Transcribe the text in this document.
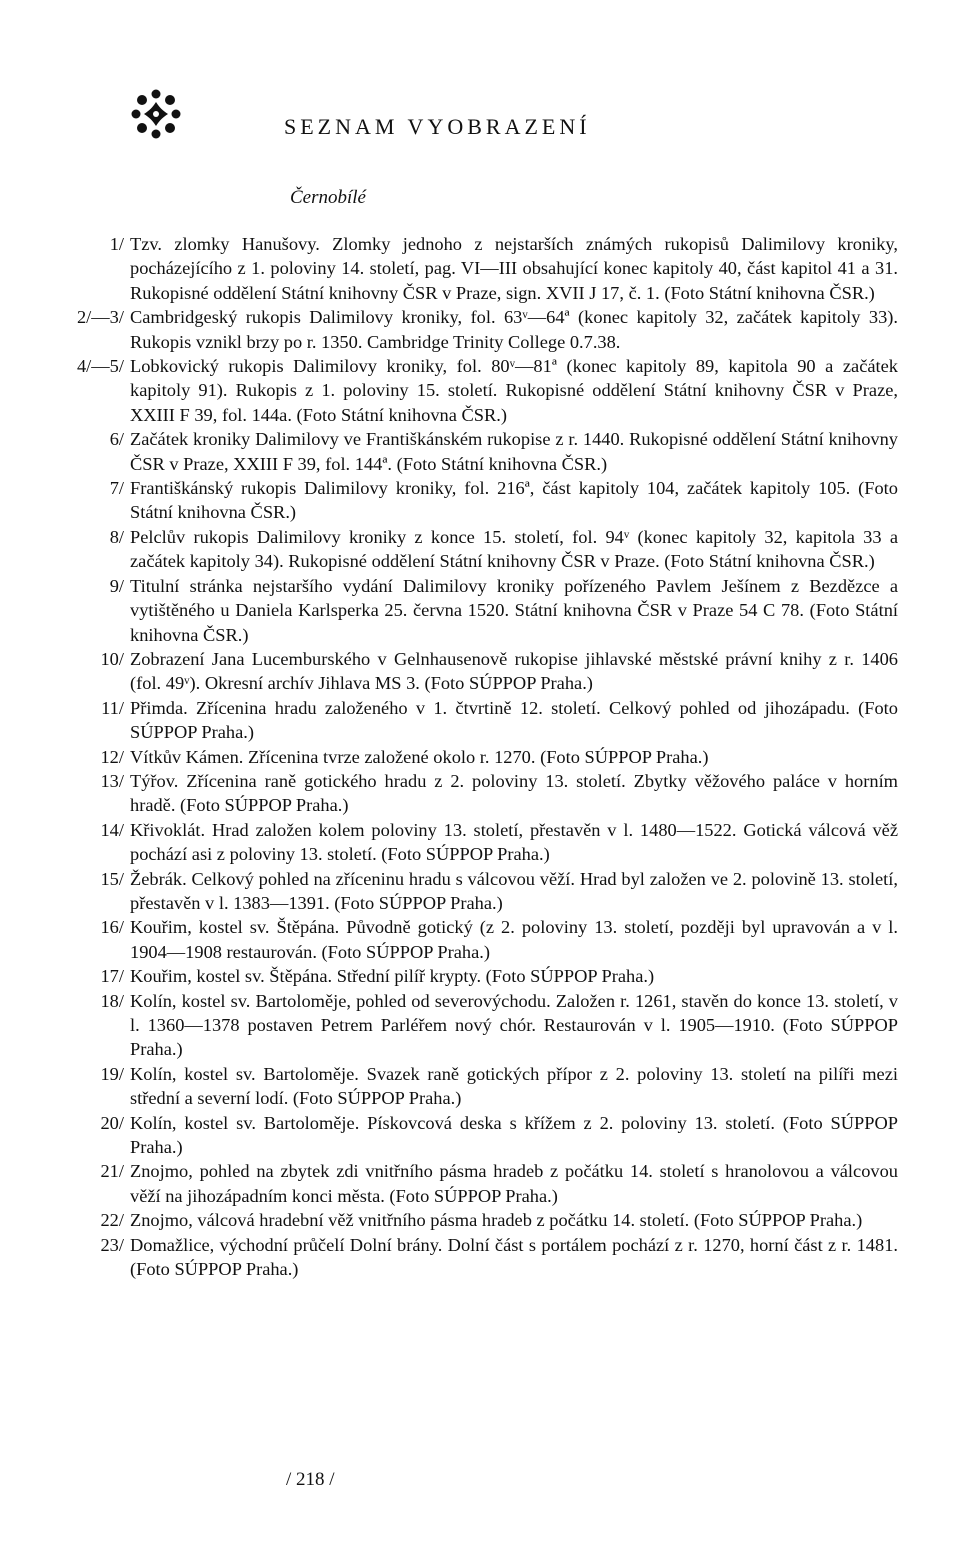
SEZNAM VYOBRAZENÍ
Černobílé

1/ Tzv. zlomky Hanušovy. Zlomky jednoho z nejstarších známých rukopisů Dalimilovy kroniky, pocházejícího z 1. poloviny 14. století, pag. VI—III obsahující konec kapitoly 40, část kapitol 41 a 31. Rukopisné oddělení Státní knihovny ČSR v Praze, sign. XVII J 17, č. 1. (Foto Státní knihovna ČSR.)

2/—3/ Cambridgeský rukopis Dalimilovy kroniky, fol. 63ᵛ—64ª (konec kapitoly 32, začátek kapitoly 33). Rukopis vznikl brzy po r. 1350. Cambridge Trinity College 0.7.38.

4/—5/ Lobkovický rukopis Dalimilovy kroniky, fol. 80ᵛ—81ª (konec kapitoly 89, kapitola 90 a začátek kapitoly 91). Rukopis z 1. poloviny 15. století. Rukopisné oddělení Státní knihovny ČSR v Praze, XXIII F 39, fol. 144a. (Foto Státní knihovna ČSR.)

6/ Začátek kroniky Dalimilovy ve Františkánském rukopise z r. 1440. Rukopisné oddělení Státní knihovny ČSR v Praze, XXIII F 39, fol. 144ª. (Foto Státní knihovna ČSR.)

7/ Františkánský rukopis Dalimilovy kroniky, fol. 216ª, část kapitoly 104, začátek kapitoly 105. (Foto Státní knihovna ČSR.)

8/ Pelclův rukopis Dalimilovy kroniky z konce 15. století, fol. 94ᵛ (konec kapitoly 32, kapitola 33 a začátek kapitoly 34). Rukopisné oddělení Státní knihovny ČSR v Praze. (Foto Státní knihovna ČSR.)

9/ Titulní stránka nejstaršího vydání Dalimilovy kroniky pořízeného Pavlem Ješínem z Bezdězce a vytištěného u Daniela Karlsperka 25. června 1520. Státní knihovna ČSR v Praze 54 C 78. (Foto Státní knihovna ČSR.)

10/ Zobrazení Jana Lucemburského v Gelnhausenově rukopise jihlavské městské právní knihy z r. 1406 (fol. 49ᵛ). Okresní archív Jihlava MS 3. (Foto SÚPPOP Praha.)

11/ Přimda. Zřícenina hradu založeného v 1. čtvrtině 12. století. Celkový pohled od jihozápadu. (Foto SÚPPOP Praha.)

12/ Vítkův Kámen. Zřícenina tvrze založené okolo r. 1270. (Foto SÚPPOP Praha.)

13/ Týřov. Zřícenina raně gotického hradu z 2. poloviny 13. století. Zbytky věžového paláce v horním hradě. (Foto SÚPPOP Praha.)

14/ Křivoklát. Hrad založen kolem poloviny 13. století, přestavěn v l. 1480—1522. Gotická válcová věž pochází asi z poloviny 13. století. (Foto SÚPPOP Praha.)

15/ Žebrák. Celkový pohled na zříceninu hradu s válcovou věží. Hrad byl založen ve 2. polovině 13. století, přestavěn v l. 1383—1391. (Foto SÚPPOP Praha.)

16/ Kouřim, kostel sv. Štěpána. Původně gotický (z 2. poloviny 13. století, později byl upravován a v l. 1904—1908 restaurován. (Foto SÚPPOP Praha.)

17/ Kouřim, kostel sv. Štěpána. Střední pilíř krypty. (Foto SÚPPOP Praha.)

18/ Kolín, kostel sv. Bartoloměje, pohled od severovýchodu. Založen r. 1261, stavěn do konce 13. století, v l. 1360—1378 postaven Petrem Parléřem nový chór. Restaurován v l. 1905—1910. (Foto SÚPPOP Praha.)

19/ Kolín, kostel sv. Bartoloměje. Svazek raně gotických přípor z 2. poloviny 13. století na pilíři mezi střední a severní lodí. (Foto SÚPPOP Praha.)

20/ Kolín, kostel sv. Bartoloměje. Pískovcová deska s křížem z 2. poloviny 13. století. (Foto SÚPPOP Praha.)

21/ Znojmo, pohled na zbytek zdi vnitřního pásma hradeb z počátku 14. století s hranolovou a válcovou věží na jihozápadním konci města. (Foto SÚPPOP Praha.)

22/ Znojmo, válcová hradební věž vnitřního pásma hradeb z počátku 14. století. (Foto SÚPPOP Praha.)

23/ Domažlice, východní průčelí Dolní brány. Dolní část s portálem pochází z r. 1270, horní část z r. 1481. (Foto SÚPPOP Praha.)

/ 218 /
